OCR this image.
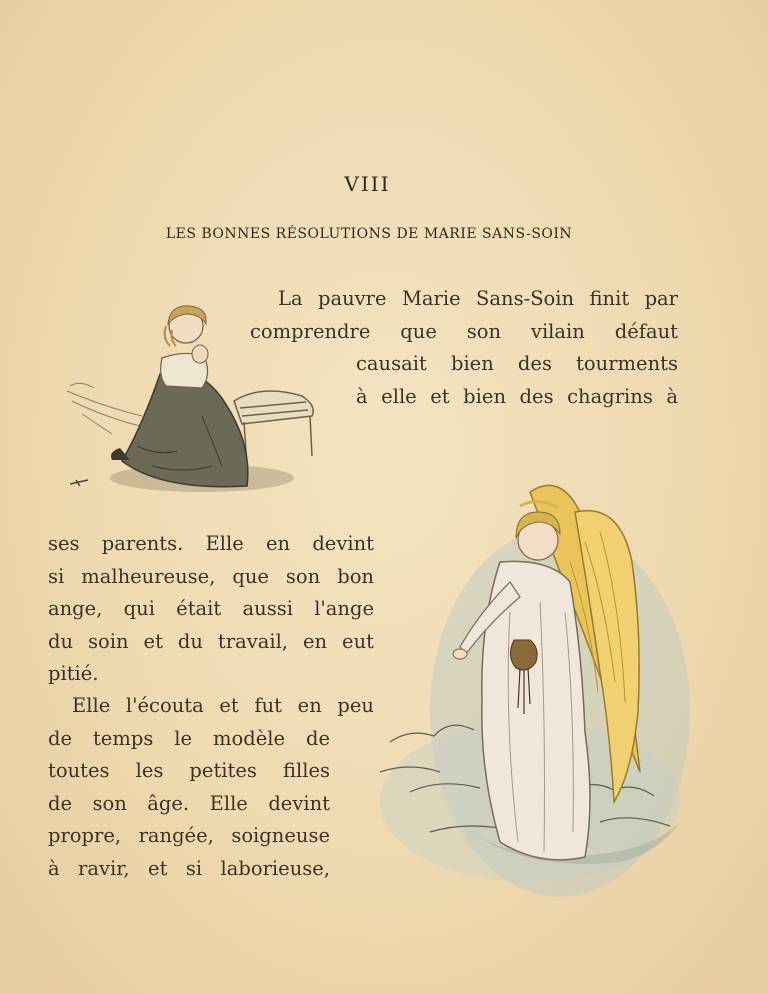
VIII
LES BONNES RÉSOLUTIONS DE MARIE SANS-SOIN
La pauvre Marie Sans-Soin finit par
comprendre que son vilain défaut
causait bien des tourments
à elle et bien des chagrins à
ses parents. Elle en devint
si malheureuse, que son bon
ange, qui était aussi l'ange
du soin et du travail, en eut
pitié.
Elle l'écouta et fut en peu
de temps le modèle de
toutes les petites filles
de son âge. Elle devint
propre, rangée, soigneuse
à ravir, et si laborieuse,
